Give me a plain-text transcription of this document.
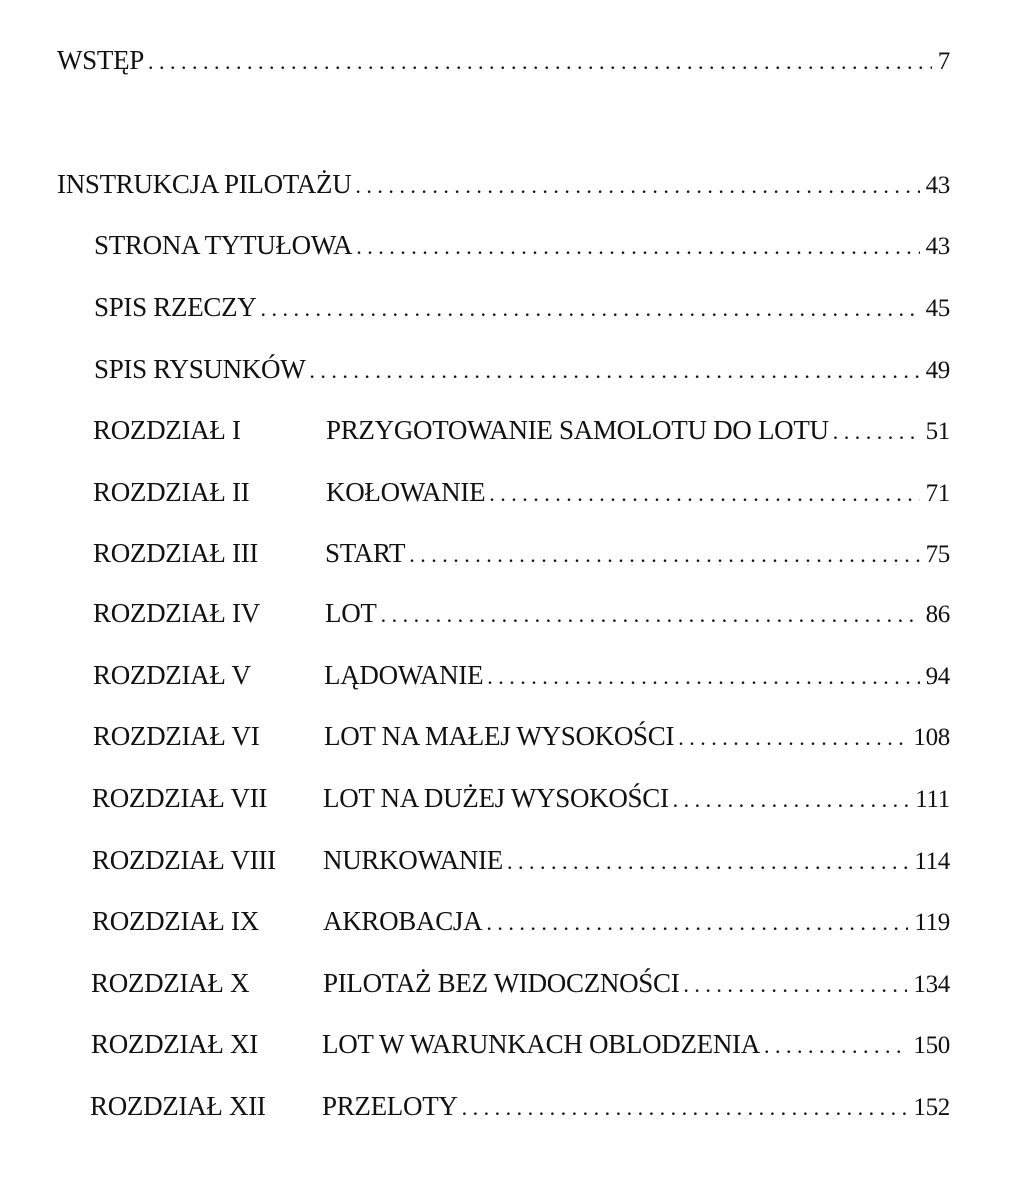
WSTĘP . . .	7
INSTRUKCJA PILOTAŻU . . .	43
STRONA TYTUŁOWA . . .	43
SPIS RZECZY . . .	45
SPIS RYSUNKÓW . . .	49
ROZDZIAŁ I	PRZYGOTOWANIE SAMOLOTU DO LOTU . . .	51
ROZDZIAŁ II	KOŁOWANIE . . .	71
ROZDZIAŁ III	START . . .	75
ROZDZIAŁ IV	LOT . . .	86
ROZDZIAŁ V	LĄDOWANIE . . .	94
ROZDZIAŁ VI	LOT NA MAŁEJ WYSOKOŚCI . . .	108
ROZDZIAŁ VII	LOT NA DUŻEJ WYSOKOŚCI . . .	111
ROZDZIAŁ VIII	NURKOWANIE . . .	114
ROZDZIAŁ IX	AKROBACJA . . .	119
ROZDZIAŁ X	PILOTAŻ BEZ WIDOCZNOŚCI . . .	134
ROZDZIAŁ XI	LOT W WARUNKACH OBLODZENIA . . .	150
ROZDZIAŁ XII	PRZELOTY . . .	152
